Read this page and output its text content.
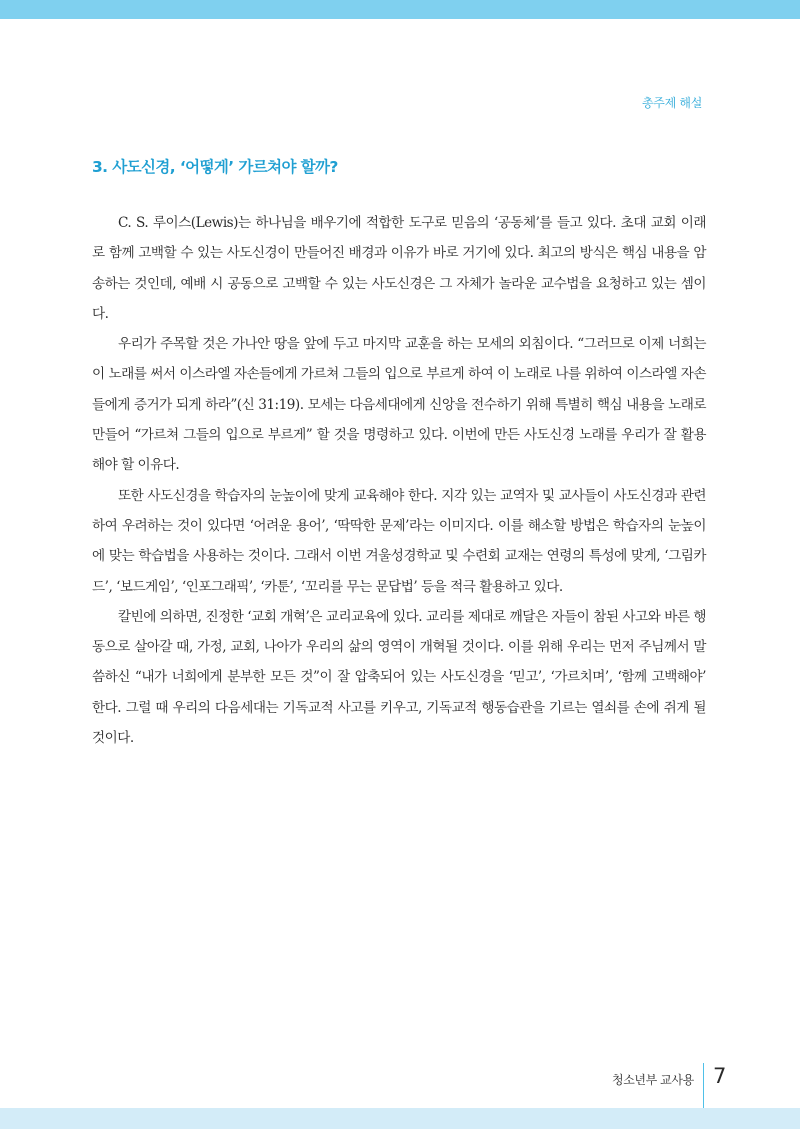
총주제 해설
3. 사도신경, ‘어떻게’ 가르쳐야 할까?

C. S. 루이스(Lewis)는 하나님을 배우기에 적합한 도구로 믿음의 ‘공동체’를 들고 있다. 초대 교회 이래로 함께 고백할 수 있는 사도신경이 만들어진 배경과 이유가 바로 거기에 있다. 최고의 방식은 핵심 내용을 암송하는 것인데, 예배 시 공동으로 고백할 수 있는 사도신경은 그 자체가 놀라운 교수법을 요청하고 있는 셈이다.

우리가 주목할 것은 가나안 땅을 앞에 두고 마지막 교훈을 하는 모세의 외침이다. “그러므로 이제 너희는 이 노래를 써서 이스라엘 자손들에게 가르쳐 그들의 입으로 부르게 하여 이 노래로 나를 위하여 이스라엘 자손들에게 증거가 되게 하라”(신 31:19). 모세는 다음세대에게 신앙을 전수하기 위해 특별히 핵심 내용을 노래로 만들어 “가르쳐 그들의 입으로 부르게” 할 것을 명령하고 있다. 이번에 만든 사도신경 노래를 우리가 잘 활용해야 할 이유다.

또한 사도신경을 학습자의 눈높이에 맞게 교육해야 한다. 지각 있는 교역자 및 교사들이 사도신경과 관련하여 우려하는 것이 있다면 ‘어려운 용어’, ‘딱딱한 문제’라는 이미지다. 이를 해소할 방법은 학습자의 눈높이에 맞는 학습법을 사용하는 것이다. 그래서 이번 겨울성경학교 및 수련회 교재는 연령의 특성에 맞게, ‘그림카드’, ‘보드게임’, ‘인포그래픽’, ‘카툰’, ‘꼬리를 무는 문답법’ 등을 적극 활용하고 있다.

칼빈에 의하면, 진정한 ‘교회 개혁’은 교리교육에 있다. 교리를 제대로 깨달은 자들이 참된 사고와 바른 행동으로 살아갈 때, 가정, 교회, 나아가 우리의 삶의 영역이 개혁될 것이다. 이를 위해 우리는 먼저 주님께서 말씀하신 “내가 너희에게 분부한 모든 것”이 잘 압축되어 있는 사도신경을 ‘믿고’, ‘가르치며’, ‘함께 고백해야’ 한다. 그럴 때 우리의 다음세대는 기독교적 사고를 키우고, 기독교적 행동습관을 기르는 열쇠를 손에 쥐게 될 것이다.

청소년부 교사용 7
